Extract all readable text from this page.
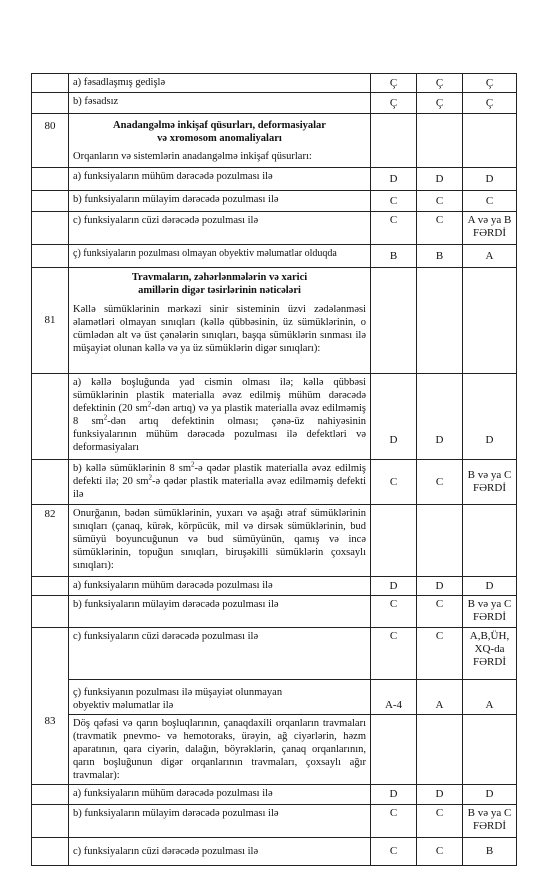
	a) fəsadlaşmış gedişlə	Ç	Ç	Ç
	b) fəsadsız	Ç	Ç	Ç
80	Anadangəlmə inkişaf qüsurları, deformasiyalar
və xromosom anomaliyaları
Orqanların və sistemlərin anadangəlmə inkişaf qüsurları:			

	a) funksiyaların mühüm dərəcədə pozulması ilə	D	D	D
	b) funksiyaların mülayim dərəcədə pozulması ilə	C	C	C
	c) funksiyaların cüzi dərəcədə pozulması ilə	C	C	A və ya B
FƏRDİ

	ç) funksiyaların pozulması olmayan obyektiv məlumatlar olduqda	B	B	A
81	Travmaların, zəhərlənmələrin və xarici
amillərin digər təsirlərinin nəticələri
Kəllə sümüklərinin mərkəzi sinir sisteminin üzvi zədələnməsi əlamətləri olmayan sınıqları (kəllə qübbəsinin, üz sümüklərinin, o cümlədən alt və üst çənələrin sınıqları, başqa sümüklərin sınması ilə müşayiət olunan kəllə və ya üz sümüklərin digər sınıqları):			

	a) kəllə boşluğunda yad cismin olması ilə; kəllə qübbəsi sümüklərinin plastik materialla əvəz edilmiş mühüm dərəcədə defektinin (20 $sm^2$-dən artıq) və ya plastik materialla əvəz edilməmiş 8 $sm^2$-dən artıq defektinin olması; çənə-üz nahiyəsinin funksiyalarının mühüm dərəcədə pozulması ilə defektləri və deformasiyaları	D	D	D
	b) kəllə sümüklərinin 8 $sm^2-ə$ qədər plastik materialla əvəz edilmiş defekti ilə; 20 $sm^2-ə$ qədər plastik materialla əvəz edilməmiş defekti ilə	C	C	B və ya C
FƏRDİ

82	Onurğanın, bədən sümüklərinin, yuxarı və aşağı ətraf sümüklərinin sınıqları (çanaq, kürək, körpücük, mil və dirsək sümüklərinin, bud sümüyü boyuncuğunun və bud sümüyünün, qamış və incə sümüklərinin, topuğun sınıqları, biruşəkilli sümüklərin çoxsaylı sınıqları):			
	a) funksiyaların mühüm dərəcədə pozulması ilə	D	D	D
	b) funksiyaların mülayim dərəcədə pozulması ilə	C	C	B və ya C
FƏRDİ

	c) funksiyaların cüzi dərəcədə pozulması ilə	C	C	A,B,ÜH,
XQ-da
FƏRDİ

	ç) funksiyanın pozulması ilə müşayiət olunmayan
obyektiv məlumatlar ilə	A-4	A	A
83	Döş qəfəsi və qarın boşluqlarının, çanaqdaxili orqanların travmaları (travmatik pnevmo- və hemotoraks, ürəyin, ağ ciyərlərin, həzm aparatının, qara ciyərin, dalağın, böyrəklərin, çanaq orqanlarının, qarın boşluğunun digər orqanlarının travmaları, çoxsaylı ağır travmalar):			
	a) funksiyaların mühüm dərəcədə pozulması ilə	D	D	D
	b) funksiyaların mülayim dərəcədə pozulması ilə	C	C	B və ya C
FƏRDİ

	c) funksiyaların cüzi dərəcədə pozulması ilə	C	C	B
